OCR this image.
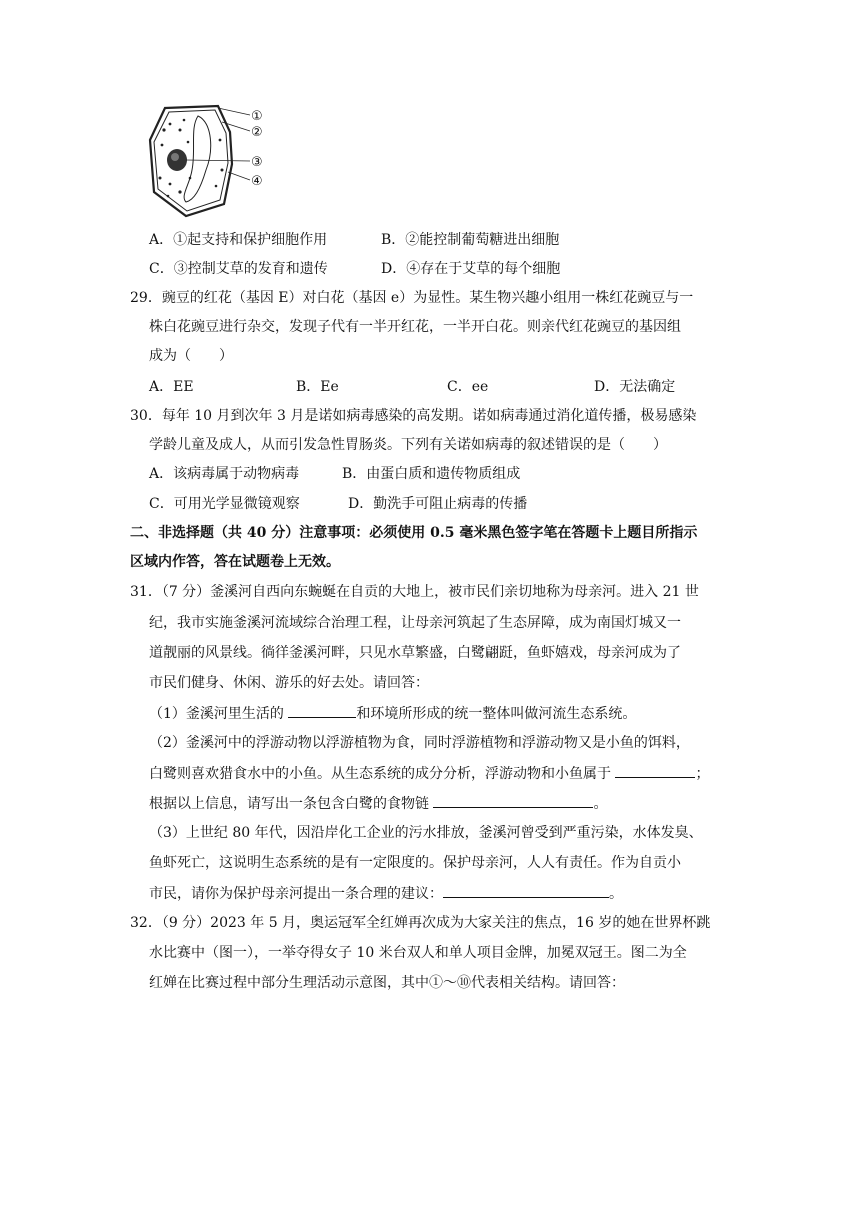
①
②
③
④
A．①起支持和保护细胞作用	B．②能控制葡萄糖进出细胞
C．③控制艾草的发育和遗传	D．④存在于艾草的每个细胞
29．豌豆的红花（基因 E）对白花（基因 e）为显性。某生物兴趣小组用一株红花豌豆与一
株白花豌豆进行杂交，发现子代有一半开红花，一半开白花。则亲代红花豌豆的基因组
成为（　　）
A．EE	B．Ee	C．ee	D．无法确定
30．每年 10 月到次年 3 月是诺如病毒感染的高发期。诺如病毒通过消化道传播，极易感染
学龄儿童及成人，从而引发急性胃肠炎。下列有关诺如病毒的叙述错误的是（　　）
A．该病毒属于动物病毒	B．由蛋白质和遗传物质组成
C．可用光学显微镜观察	D．勤洗手可阻止病毒的传播
二、非选择题（共 40 分）注意事项：必须使用 0.5 毫米黑色签字笔在答题卡上题目所指示
区域内作答，答在试题卷上无效。
31．（7 分）釜溪河自西向东蜿蜒在自贡的大地上，被市民们亲切地称为母亲河。进入 21 世
纪，我市实施釜溪河流域综合治理工程，让母亲河筑起了生态屏障，成为南国灯城又一
道靓丽的风景线。徜徉釜溪河畔，只见水草繁盛，白鹭翩跹，鱼虾嬉戏，母亲河成为了
市民们健身、休闲、游乐的好去处。请回答：
（1）釜溪河里生活的	和环境所形成的统一整体叫做河流生态系统。
（2）釜溪河中的浮游动物以浮游植物为食，同时浮游植物和浮游动物又是小鱼的饵料，
白鹭则喜欢猎食水中的小鱼。从生态系统的成分分析，浮游动物和小鱼属于	；
根据以上信息，请写出一条包含白鹭的食物链	。
（3）上世纪 80 年代，因沿岸化工企业的污水排放，釜溪河曾受到严重污染，水体发臭、
鱼虾死亡，这说明生态系统的是有一定限度的。保护母亲河，人人有责任。作为自贡小
市民，请你为保护母亲河提出一条合理的建议：	。
32．（9 分）2023 年 5 月，奥运冠军全红婵再次成为大家关注的焦点，16 岁的她在世界杯跳
水比赛中（图一），一举夺得女子 10 米台双人和单人项目金牌，加冕双冠王。图二为全
红婵在比赛过程中部分生理活动示意图，其中①～⑩代表相关结构。请回答：
